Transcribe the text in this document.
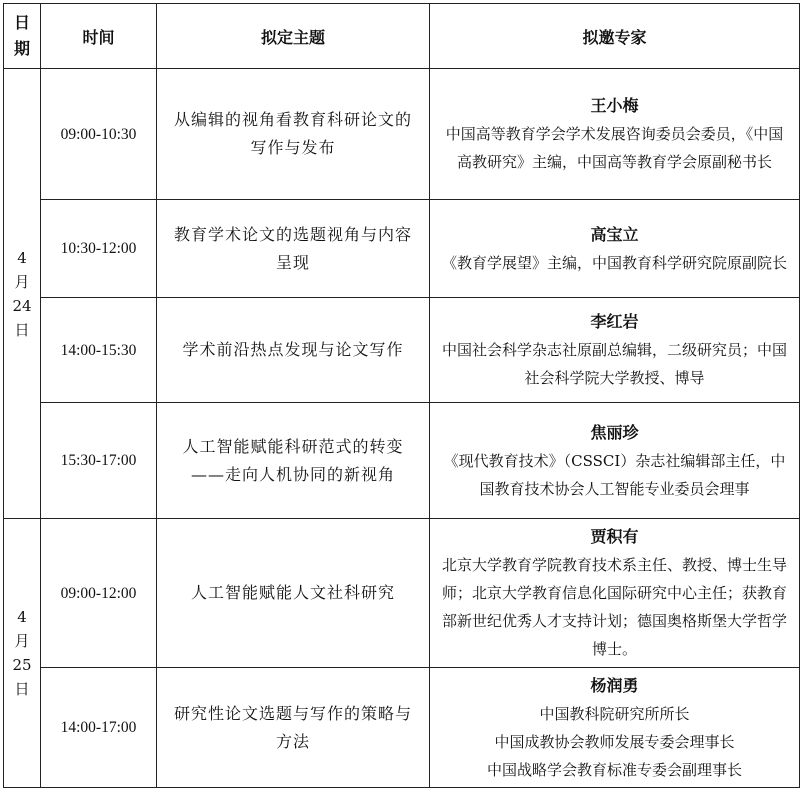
日
期	时间	拟定主题	拟邀专家

4
月
24
日	09:00-10:30	从编辑的视角看教育科研论文的写作与发布	王小梅
中国高等教育学会学术发展咨询委员会委员，《中国高教研究》主编，中国高等教育学会原副秘书长

	10:30-12:00	教育学术论文的选题视角与内容呈现	高宝立
《教育学展望》主编，中国教育科学研究院原副院长

	14:00-15:30	学术前沿热点发现与论文写作	李红岩
中国社会科学杂志社原副总编辑，二级研究员；中国社会科学院大学教授、博导

	15:30-17:00	人工智能赋能科研范式的转变——走向人机协同的新视角	焦丽珍
《现代教育技术》（CSSCI）杂志社编辑部主任，中国教育技术协会人工智能专业委员会理事

4
月
25
日	09:00-12:00	人工智能赋能人文社科研究	贾积有
北京大学教育学院教育技术系主任、教授、博士生导师；北京大学教育信息化国际研究中心主任；获教育部新世纪优秀人才支持计划；德国奥格斯堡大学哲学博士。

	14:00-17:00	研究性论文选题与写作的策略与方法	杨润勇
中国教科院研究所所长
中国成教协会教师发展专委会理事长
中国战略学会教育标准专委会副理事长
